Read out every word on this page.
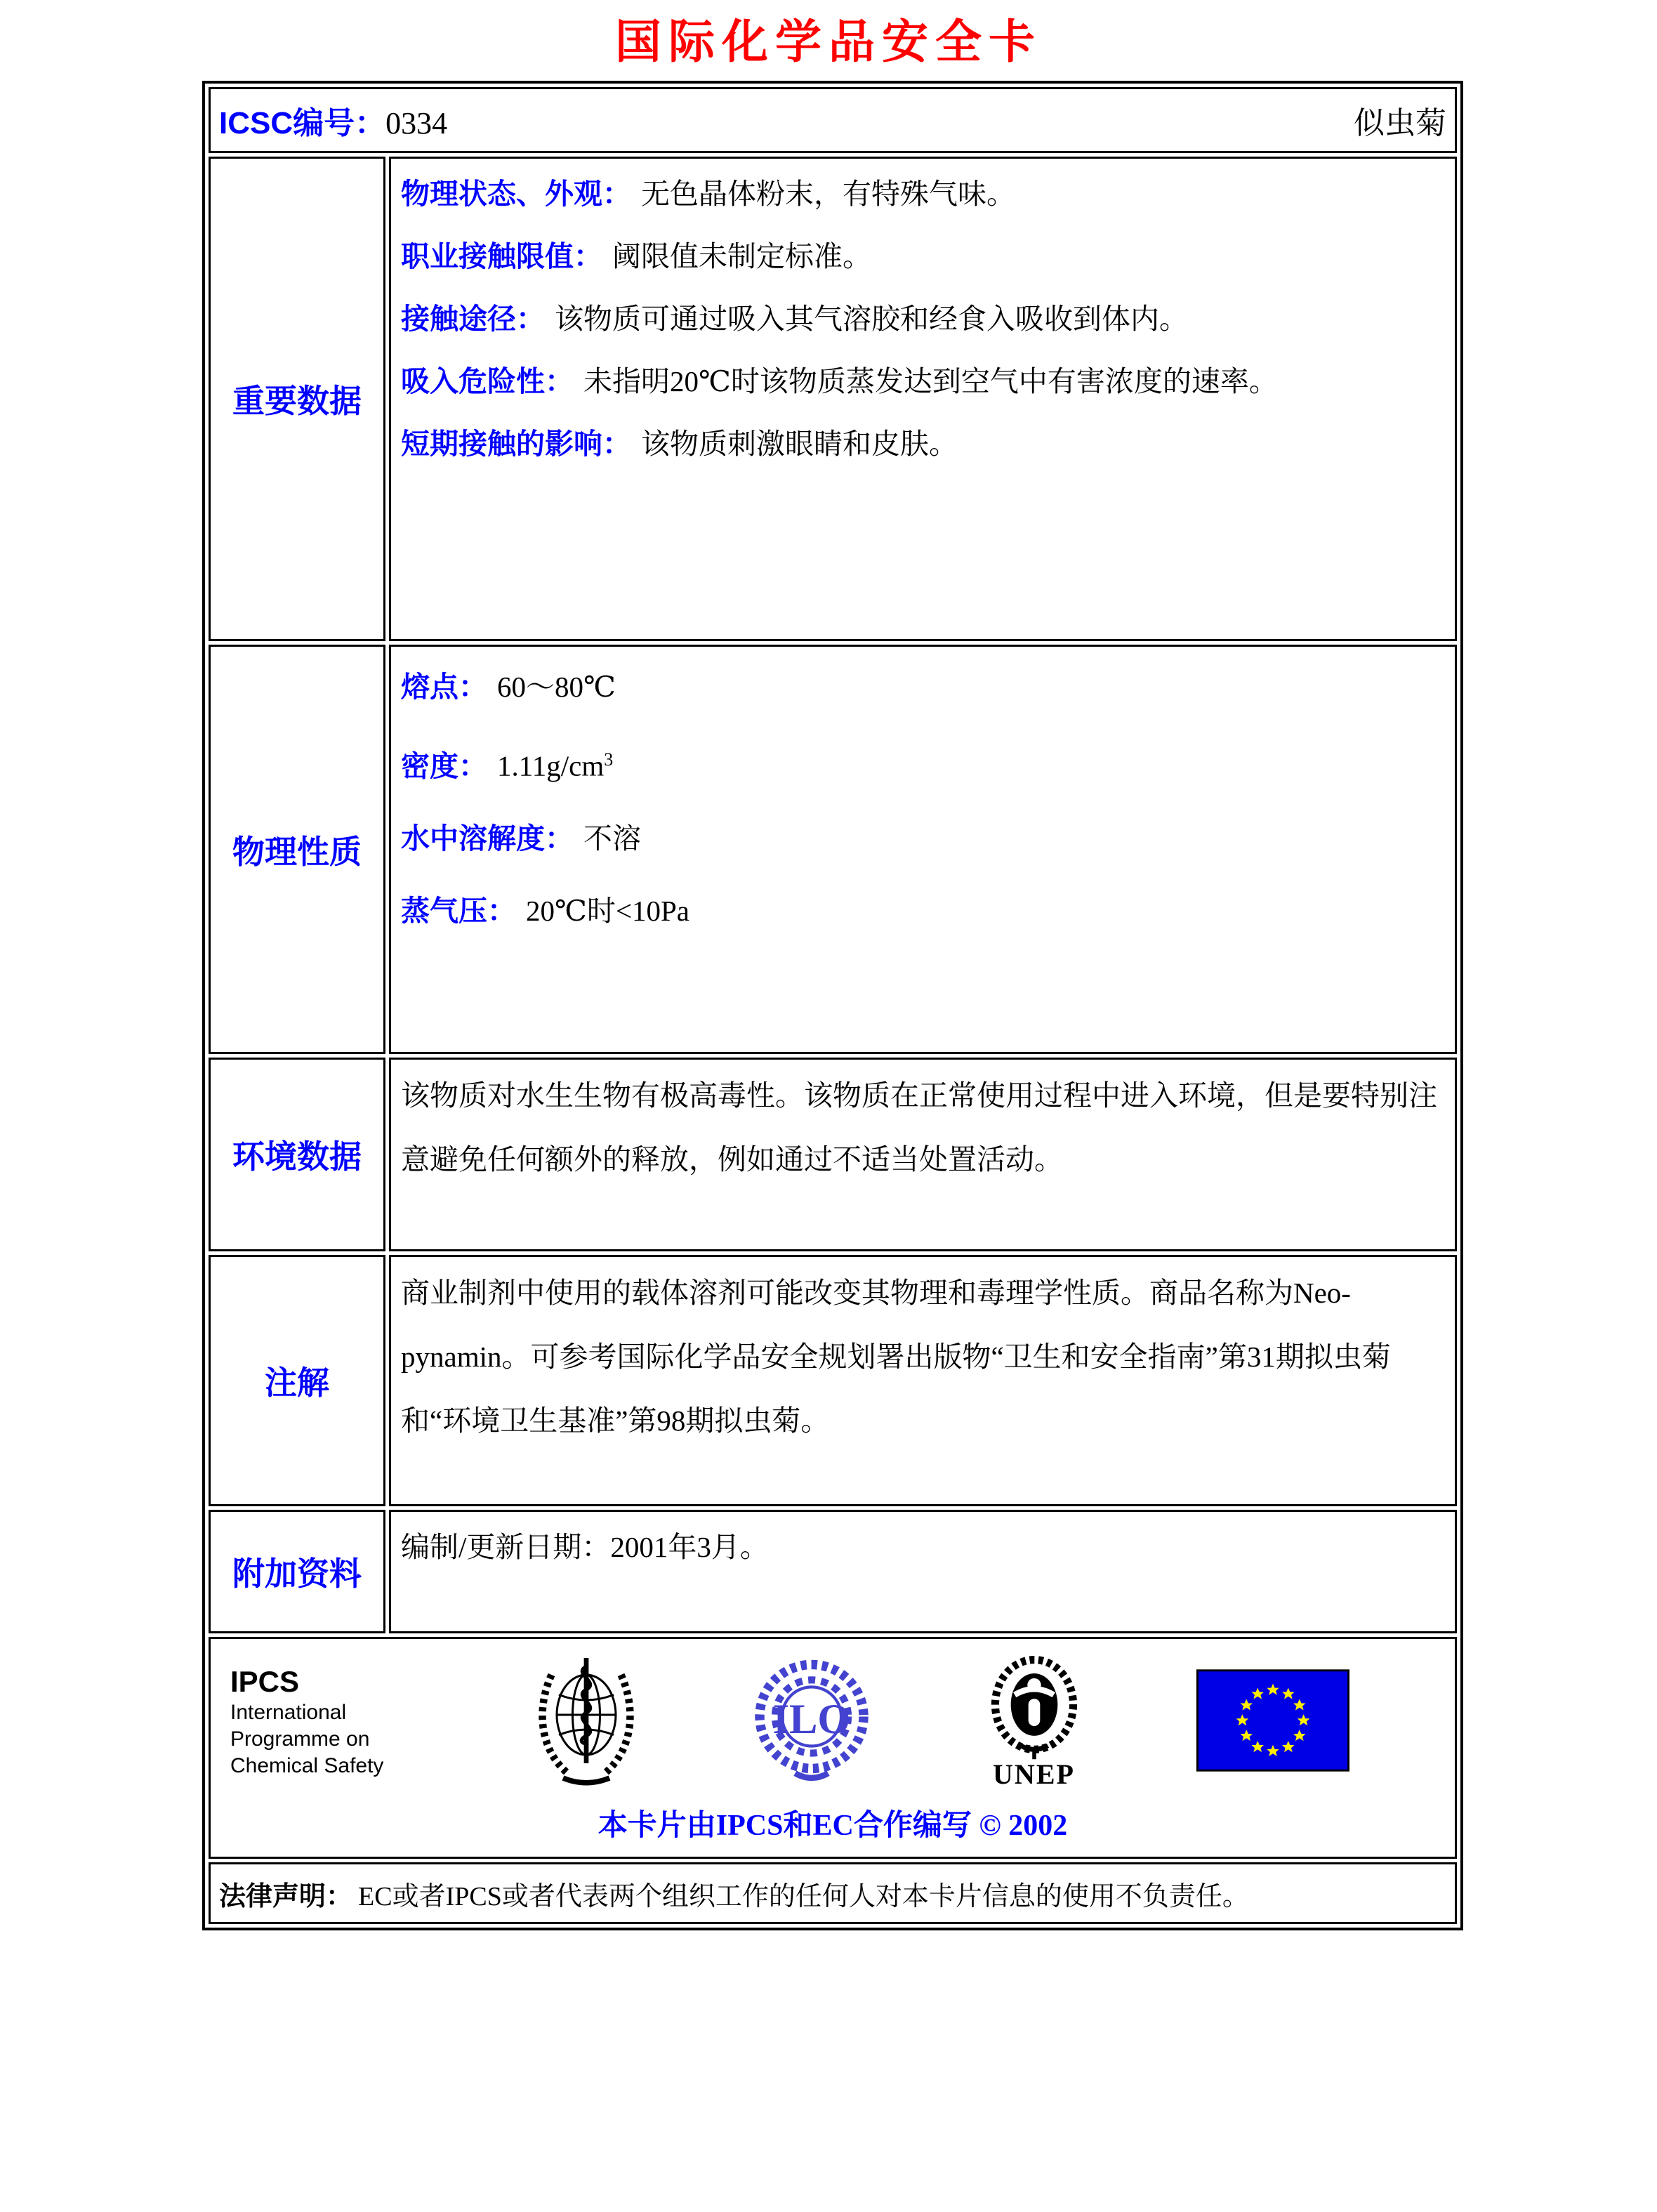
国际化学品安全卡
ICSC编号：0334 似虫菊	

重要数据	物理状态、外观： 无色晶体粉末，有特殊气味。
职业接触限值： 阈限值未制定标准。
接触途径： 该物质可通过吸入其气溶胶和经食入吸收到体内。
吸入危险性： 未指明20℃时该物质蒸发达到空气中有害浓度的速率。
短期接触的影响： 该物质刺激眼睛和皮肤。

物理性质	熔点： 60～80℃
密度： $1.11g/cm^3$
水中溶解度： 不溶
蒸气压： 20℃时<10Pa

环境数据	该物质对水生生物有极高毒性。该物质在正常使用过程中进入环境，但是要特别注意避免任何额外的释放，例如通过不适当处置活动。

注解	商业制剂中使用的载体溶剂可能改变其物理和毒理学性质。商品名称为Neo-pynamin。可参考国际化学品安全规划署出版物“卫生和安全指南”第31期拟虫菊和“环境卫生基准”第98期拟虫菊。

附加资料	编制/更新日期：2001年3月。

IPCS
International
Programme on
Chemical Safety
ILO
UNEP
本卡片由IPCS和EC合作编写 © 2002

法律声明： EC或者IPCS或者代表两个组织工作的任何人对本卡片信息的使用不负责任。	
